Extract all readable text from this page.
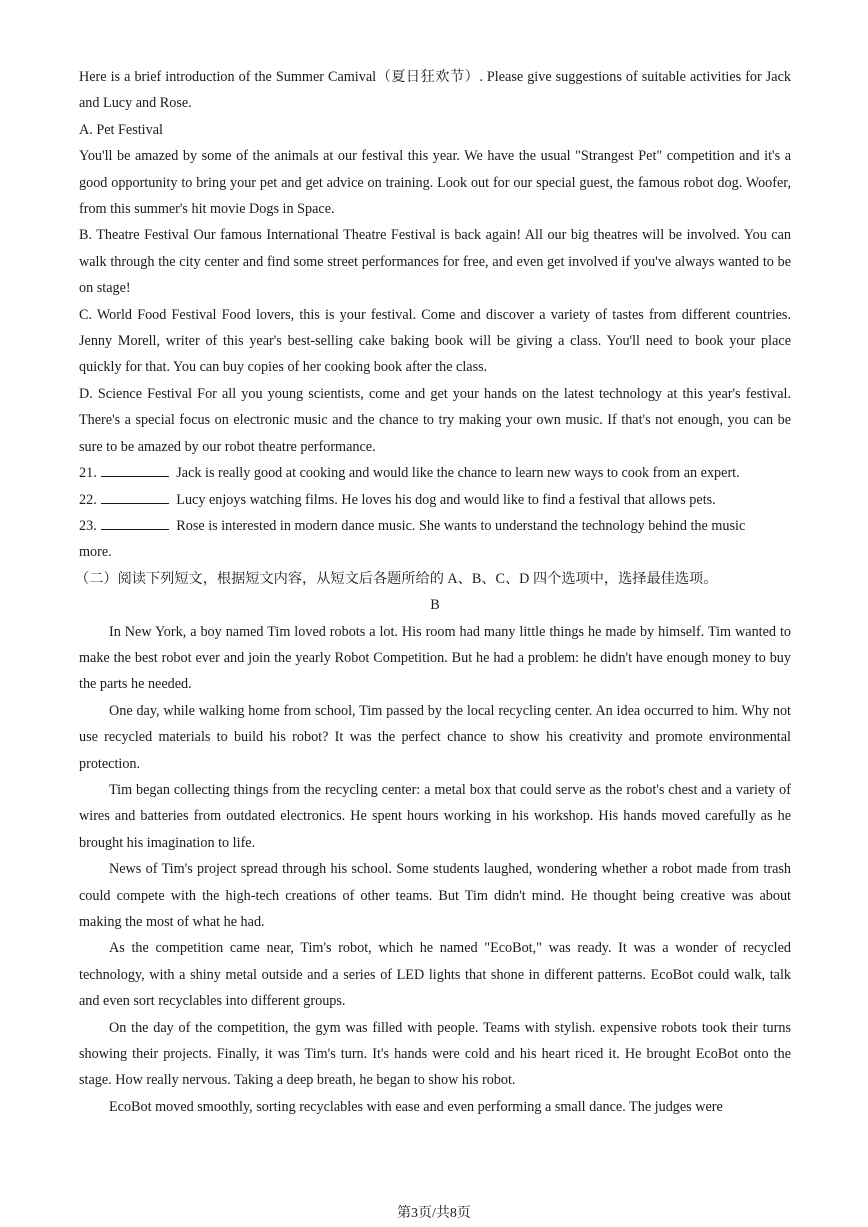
Here is a brief introduction of the Summer Camival（夏日狂欢节）. Please give suggestions of suitable activities for Jack and Lucy and Rose.

A. Pet Festival

You'll be amazed by some of the animals at our festival this year. We have the usual "Strangest Pet" competition and it's a good opportunity to bring your pet and get advice on training. Look out for our special guest, the famous robot dog. Woofer, from this summer's hit movie Dogs in Space.

B. Theatre Festival Our famous International Theatre Festival is back again! All our big theatres will be involved. You can walk through the city center and find some street performances for free, and even get involved if you've always wanted to be on stage!

C. World Food Festival Food lovers, this is your festival. Come and discover a variety of tastes from different countries. Jenny Morell, writer of this year's best-selling cake baking book will be giving a class. You'll need to book your place quickly for that. You can buy copies of her cooking book after the class.

D. Science Festival For all you young scientists, come and get your hands on the latest technology at this year's festival. There's a special focus on electronic music and the chance to try making your own music. If that's not enough, you can be sure to be amazed by our robot theatre performance.

21.	Jack is really good at cooking and would like the chance to learn new ways to cook from an expert.

22.	Lucy enjoys watching films. He loves his dog and would like to find a festival that allows pets.

23.	Rose is interested in modern dance music. She wants to understand the technology behind the music

more.

（二）阅读下列短文，根据短文内容，从短文后各题所给的 A、B、C、D 四个选项中，选择最佳选项。

B

In New York, a boy named Tim loved robots a lot. His room had many little things he made by himself. Tim wanted to make the best robot ever and join the yearly Robot Competition. But he had a problem: he didn't have enough money to buy the parts he needed.

One day, while walking home from school, Tim passed by the local recycling center. An idea occurred to him. Why not use recycled materials to build his robot? It was the perfect chance to show his creativity and promote environmental protection.

Tim began collecting things from the recycling center: a metal box that could serve as the robot's chest and a variety of wires and batteries from outdated electronics. He spent hours working in his workshop. His hands moved carefully as he brought his imagination to life.

News of Tim's project spread through his school. Some students laughed, wondering whether a robot made from trash could compete with the high-tech creations of other teams. But Tim didn't mind. He thought being creative was about making the most of what he had.

As the competition came near, Tim's robot, which he named "EcoBot," was ready. It was a wonder of recycled technology, with a shiny metal outside and a series of LED lights that shone in different patterns. EcoBot could walk, talk and even sort recyclables into different groups.

On the day of the competition, the gym was filled with people. Teams with stylish. expensive robots took their turns showing their projects. Finally, it was Tim's turn. It's hands were cold and his heart riced it. He brought EcoBot onto the stage. How really nervous. Taking a deep breath, he began to show his robot.

EcoBot moved smoothly, sorting recyclables with ease and even performing a small dance. The judges were

第3页/共8页
